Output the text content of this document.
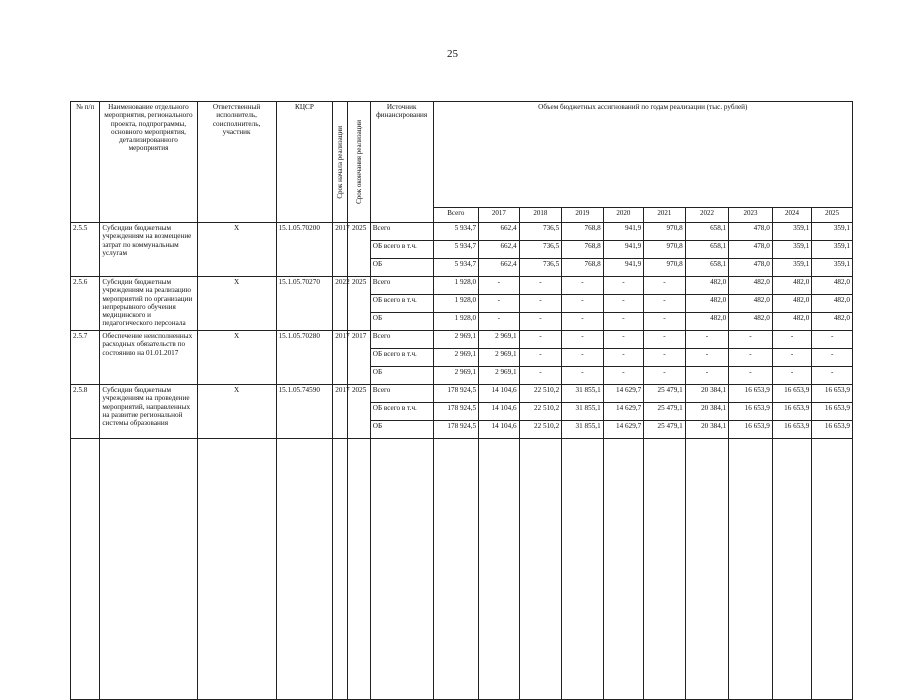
25
№ п/п	Наименование отдельного мероприятия, регионального проекта, подпрограммы, основного мероприятия, детализированного мероприятия	Ответственный исполнитель, соисполнитель, участник	КЦСР	Срок начала реализации	Срок окончания реализации	Источник финансирования	Объем бюджетных ассигнований по годам реализации (тыс. рублей)									
							Всего	2017	2018	2019	2020	2021	2022	2023	2024	2025
2.5.5	Субсидии бюджетным учреждениям на возмещение затрат по коммунальным услугам	Х	15.1.05.70200	2017	2025	Всего	5 934,7	662,4	736,5	768,8	941,9	970,8	658,1	478,0	359,1	359,1
						ОБ всего в т.ч.	5 934,7	662,4	736,5	768,8	941,9	970,8	658,1	478,0	359,1	359,1
						ОБ	5 934,7	662,4	736,5	768,8	941,9	970,8	658,1	478,0	359,1	359,1
2.5.6	Субсидии бюджетным учреждениям на реализацию мероприятий по организации непрерывного обучения медицинского и педагогического персонала	Х	15.1.05.70270	2022	2025	Всего	1 928,0	-	-	-	-	-	482,0	482,0	482,0	482,0
						ОБ всего в т.ч.	1 928,0	-	-	-	-	-	482,0	482,0	482,0	482,0
						ОБ	1 928,0	-	-	-	-	-	482,0	482,0	482,0	482,0
2.5.7	Обеспечение неисполненных расходных обязательств по состоянию на 01.01.2017	Х	15.1.05.70280	2017	2017	Всего	2 969,1	2 969,1	-	-	-	-	-	-	-	-
						ОБ всего в т.ч.	2 969,1	2 969,1	-	-	-	-	-	-	-	-
						ОБ	2 969,1	2 969,1	-	-	-	-	-	-	-	-
2.5.8	Субсидии бюджетным учреждениям на проведение мероприятий, направленных на развитие региональной системы образования	Х	15.1.05.74590	2017	2025	Всего	178 924,5	14 104,6	22 510,2	31 855,1	14 629,7	25 479,1	20 384,1	16 653,9	16 653,9	16 653,9
						ОБ всего в т.ч.	178 924,5	14 104,6	22 510,2	31 855,1	14 629,7	25 479,1	20 384,1	16 653,9	16 653,9	16 653,9
						ОБ	178 924,5	14 104,6	22 510,2	31 855,1	14 629,7	25 479,1	20 384,1	16 653,9	16 653,9	16 653,9
